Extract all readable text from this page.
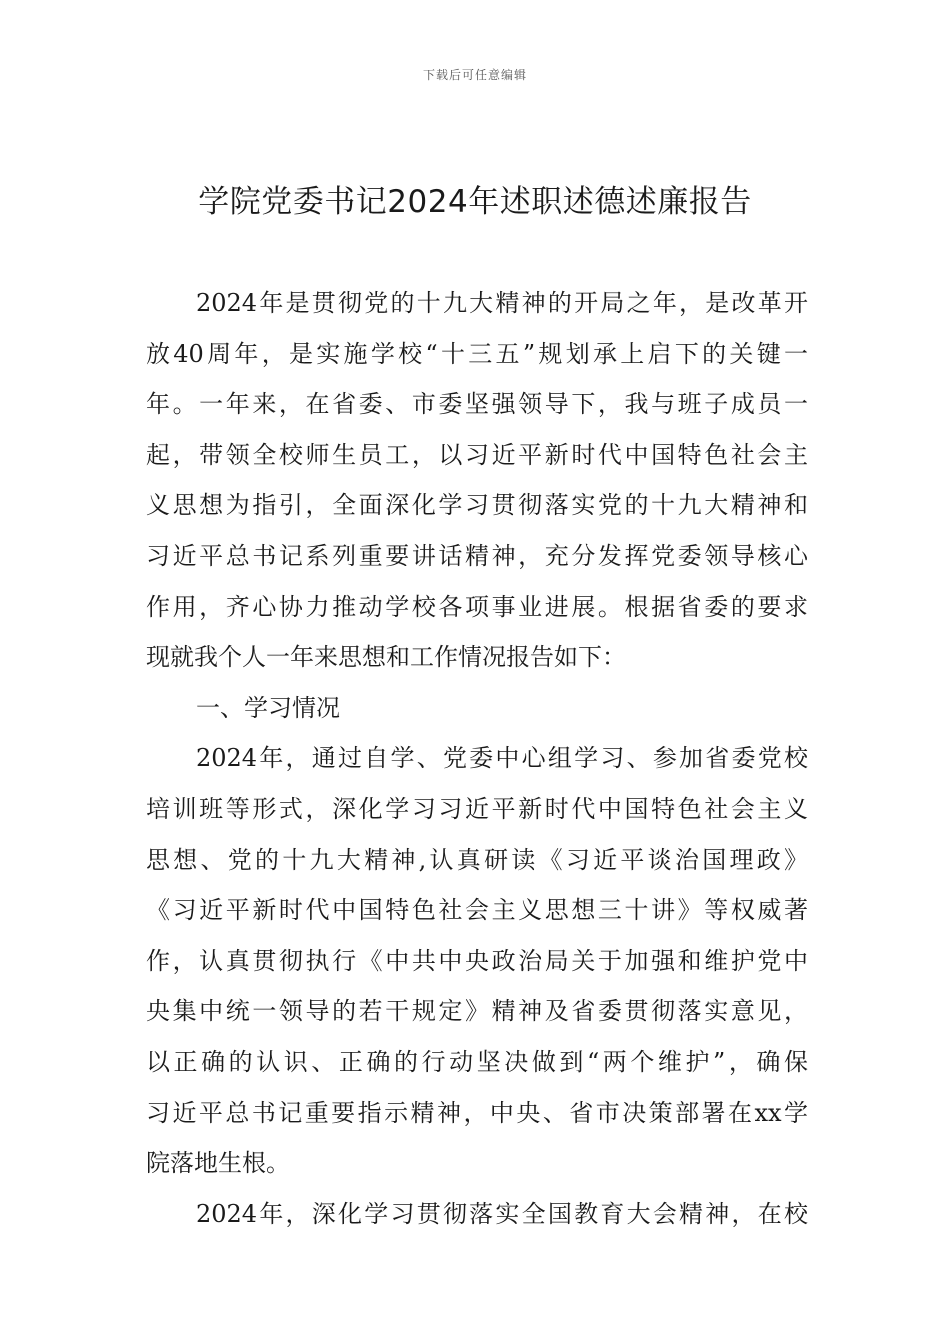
下载后可任意编辑
学院党委书记2024年述职述德述廉报告
2024年是贯彻党的十九大精神的开局之年，是改革开
放40周年，是实施学校“十三五”规划承上启下的关键一
年。一年来，在省委、市委坚强领导下，我与班子成员一
起，带领全校师生员工，以习近平新时代中国特色社会主
义思想为指引，全面深化学习贯彻落实党的十九大精神和
习近平总书记系列重要讲话精神，充分发挥党委领导核心
作用，齐心协力推动学校各项事业进展。根据省委的要求
现就我个人一年来思想和工作情况报告如下：
一、学习情况
2024年，通过自学、党委中心组学习、参加省委党校
培训班等形式，深化学习习近平新时代中国特色社会主义
思想、党的十九大精神,认真研读《习近平谈治国理政》
《习近平新时代中国特色社会主义思想三十讲》等权威著
作，认真贯彻执行《中共中央政治局关于加强和维护党中
央集中统一领导的若干规定》精神及省委贯彻落实意见，
以正确的认识、正确的行动坚决做到“两个维护”，确保
习近平总书记重要指示精神，中央、省市决策部署在xx学
院落地生根。
2024年，深化学习贯彻落实全国教育大会精神，在校
